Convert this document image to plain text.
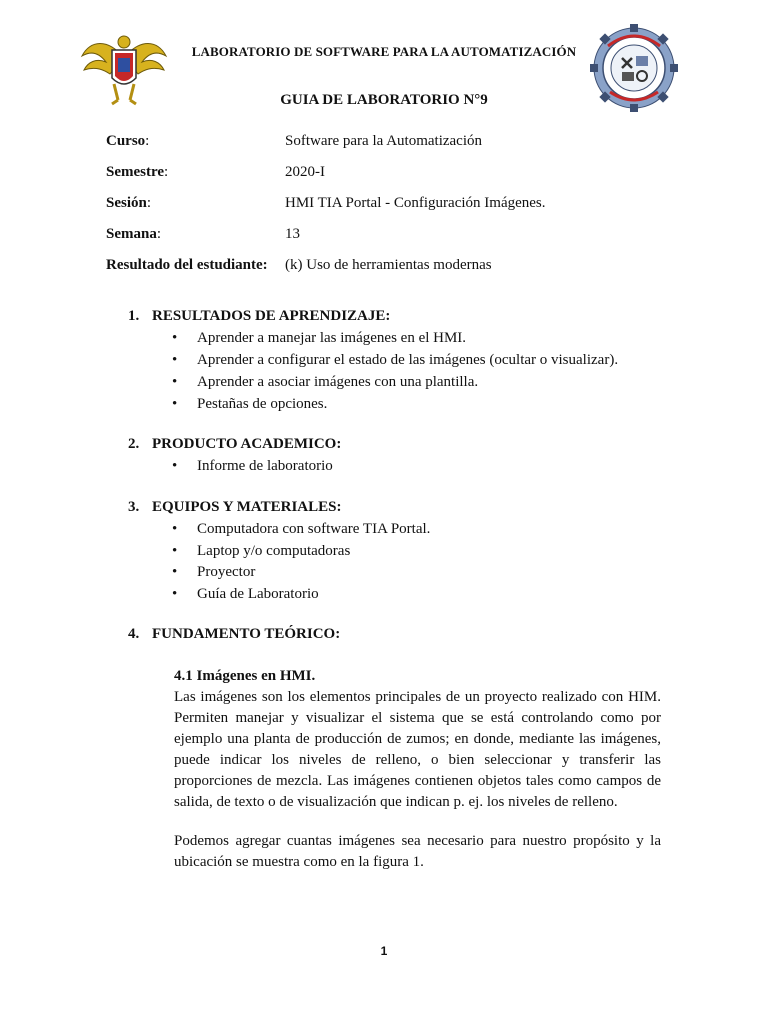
LABORATORIO DE SOFTWARE PARA LA AUTOMATIZACIÓN
GUIA DE LABORATORIO N°9
Curso:	Software para la Automatización
Semestre:	2020-I
Sesión:	HMI TIA Portal - Configuración Imágenes.
Semana:	13
Resultado del estudiante: (k) Uso de herramientas modernas
1. RESULTADOS DE APRENDIZAJE:
• Aprender a manejar las imágenes en el HMI.
• Aprender a configurar el estado de las imágenes (ocultar o visualizar).
• Aprender a asociar imágenes con una plantilla.
• Pestañas de opciones.
2. PRODUCTO ACADEMICO:
• Informe de laboratorio
3. EQUIPOS Y MATERIALES:
• Computadora con software TIA Portal.
• Laptop y/o computadoras
• Proyector
• Guía de Laboratorio
4. FUNDAMENTO TEÓRICO:
4.1 Imágenes en HMI.
Las imágenes son los elementos principales de un proyecto realizado con HIM.
Permiten manejar y visualizar el sistema que se está controlando como por
ejemplo una planta de producción de zumos; en donde, mediante las imágenes,
puede indicar los niveles de relleno, o bien seleccionar y transferir las
proporciones de mezcla. Las imágenes contienen objetos tales como campos de
salida, de texto o de visualización que indican p. ej. los niveles de relleno.
Podemos agregar cuantas imágenes sea necesario para nuestro propósito y la
ubicación se muestra como en la figura 1.
1
